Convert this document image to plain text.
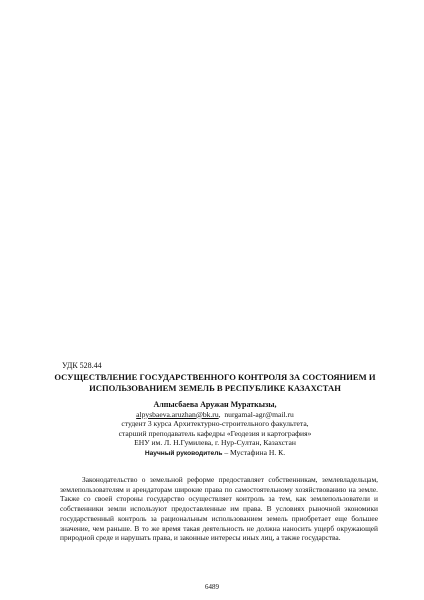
УДК 528.44
ОСУЩЕСТВЛЕНИЕ ГОСУДАРСТВЕННОГО КОНТРОЛЯ ЗА СОСТОЯНИЕМ И
ИСПОЛЬЗОВАНИЕМ ЗЕМЕЛЬ В РЕСПУБЛИКЕ КАЗАХСТАН
Алпысбаева Аружан Мураткызы,
alpysbaeva.aruzhan@bk.ru,  nurgamal-agr@mail.ru
студент 3 курса Архитектурно-строительного факультета,
старший преподаватель кафедры «Геодезия и картография»
ЕНУ им. Л. Н.Гумилева, г. Нур-Султан, Казахстан
Научный руководитель – Мустафина Н. К.

Законодательство о земельной реформе предоставляет собственникам, землевладельцам, землепользователям и арендаторам широкие права по самостоятельному хозяйствованию на земле. Также со своей стороны государство осуществляет контроль за тем, как землепользователи и собственники земли используют предоставленные им права. В условиях рыночной экономики государственный контроль за рациональным использованием земель приобретает еще большее значение, чем раньше. В то же время такая деятельность не должна наносить ущерб окружающей природной среде и нарушать права, и законные интересы иных лиц, а также государства.

6489
